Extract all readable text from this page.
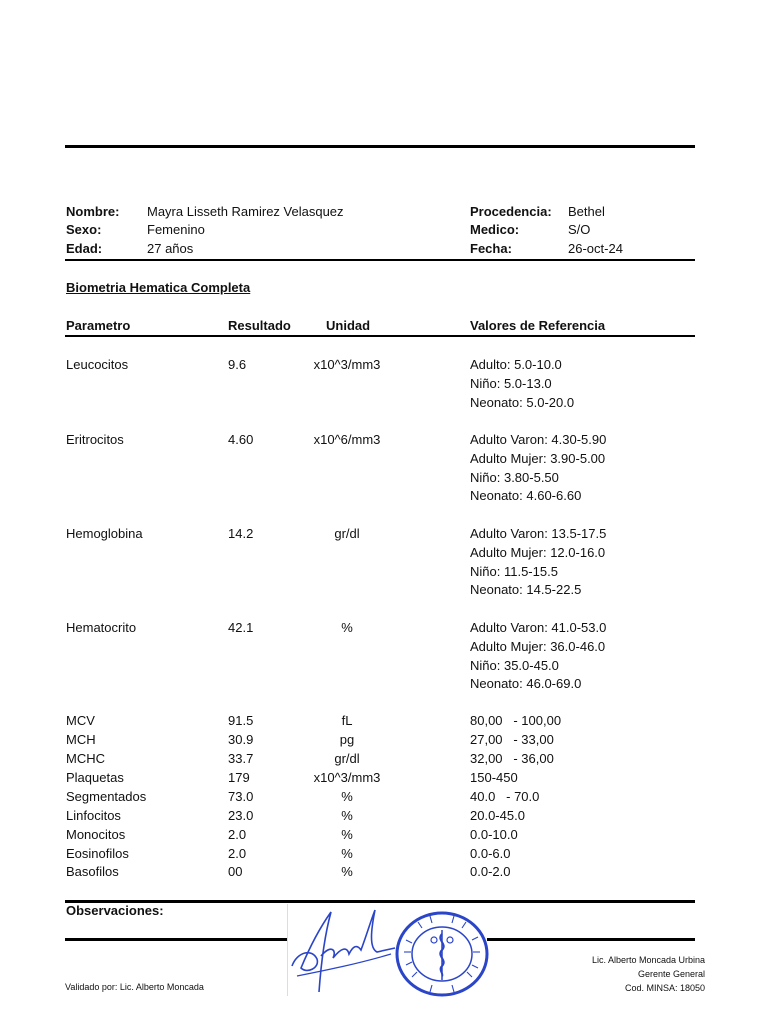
Nombre: Mayra Lisseth Ramirez Velasquez
Sexo:	Femenino
Edad:	27 años
Procedencia: Bethel
Medico:	S/O
Fecha:	26-oct-24
Biometria Hematica Completa
Parametro	Resultado	Unidad	Valores de Referencia
Leucocitos	9.6	x10^3/mm3	Adulto: 5.0-10.0
Niño: 5.0-13.0
Neonato: 5.0-20.0
Eritrocitos	4.60	x10^6/mm3	Adulto Varon: 4.30-5.90
Adulto Mujer: 3.90-5.00
Niño: 3.80-5.50
Neonato: 4.60-6.60
Hemoglobina	14.2	gr/dl	Adulto Varon: 13.5-17.5
Adulto Mujer: 12.0-16.0
Niño: 11.5-15.5
Neonato: 14.5-22.5
Hematocrito	42.1	%	Adulto Varon: 41.0-53.0
Adulto Mujer: 36.0-46.0
Niño: 35.0-45.0
Neonato: 46.0-69.0
MCV	91.5	fL	80,00   - 100,00
MCH	30.9	pg	27,00   - 33,00
MCHC	33.7	gr/dl	32,00   - 36,00
Plaquetas	179	x10^3/mm3	150-450
Segmentados	73.0	%	40.0   - 70.0
Linfocitos	23.0	%	20.0-45.0
Monocitos	2.0	%	0.0-10.0
Eosinofilos	2.0	%	0.0-6.0
Basofilos	00	%	0.0-2.0
Observaciones:
Validado por: Lic. Alberto Moncada
Lic. Alberto Moncada Urbina
Gerente General
Cod. MINSA: 18050
